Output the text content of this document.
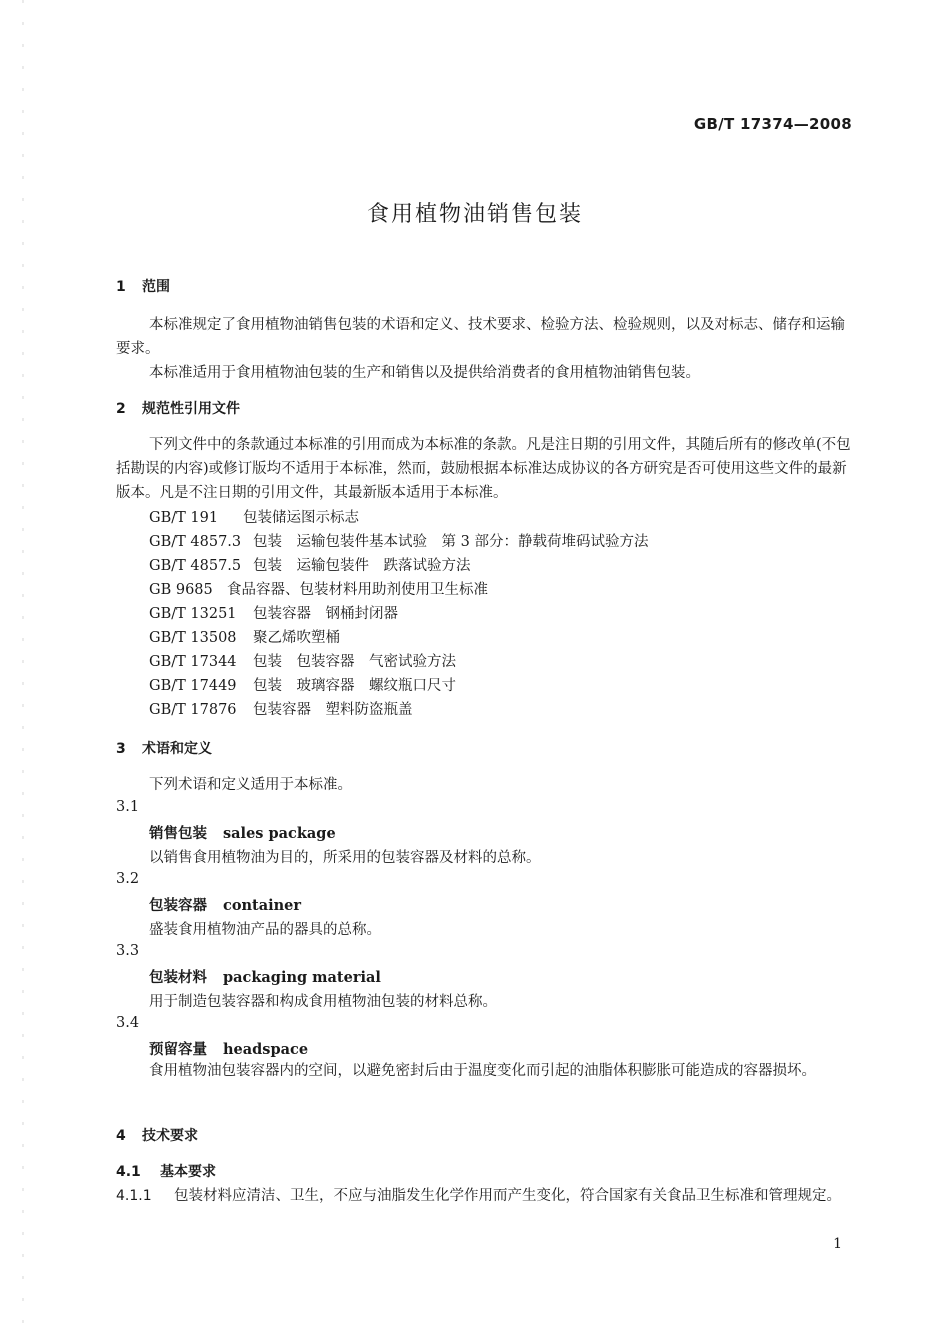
GB/T 17374—2008
食用植物油销售包装
1 范围
本标准规定了食用植物油销售包装的术语和定义、技术要求、检验方法、检验规则，以及对标志、储存和运输要求。
本标准适用于食用植物油包装的生产和销售以及提供给消费者的食用植物油销售包装。
2 规范性引用文件
下列文件中的条款通过本标准的引用而成为本标准的条款。凡是注日期的引用文件，其随后所有的修改单(不包括勘误的内容)或修订版均不适用于本标准，然而，鼓励根据本标准达成协议的各方研究是否可使用这些文件的最新版本。凡是不注日期的引用文件，其最新版本适用于本标准。
GB/T 191 包装储运图示标志
GB/T 4857.3 包装　运输包装件基本试验　第 3 部分：静载荷堆码试验方法
GB/T 4857.5 包装　运输包装件　跌落试验方法
GB 9685 食品容器、包装材料用助剂使用卫生标准
GB/T 13251 包装容器　钢桶封闭器
GB/T 13508 聚乙烯吹塑桶
GB/T 17344 包装　包装容器　气密试验方法
GB/T 17449 包装　玻璃容器　螺纹瓶口尺寸
GB/T 17876 包装容器　塑料防盗瓶盖
3 术语和定义
下列术语和定义适用于本标准。
3.1
销售包装 sales package
以销售食用植物油为目的，所采用的包装容器及材料的总称。
3.2
包装容器 container
盛装食用植物油产品的器具的总称。
3.3
包装材料 packaging material
用于制造包装容器和构成食用植物油包装的材料总称。
3.4
预留容量 headspace
食用植物油包装容器内的空间，以避免密封后由于温度变化而引起的油脂体积膨胀可能造成的容器损坏。
4 技术要求
4.1 基本要求
4.1.1 包装材料应清洁、卫生，不应与油脂发生化学作用而产生变化，符合国家有关食品卫生标准和管理规定。
1
